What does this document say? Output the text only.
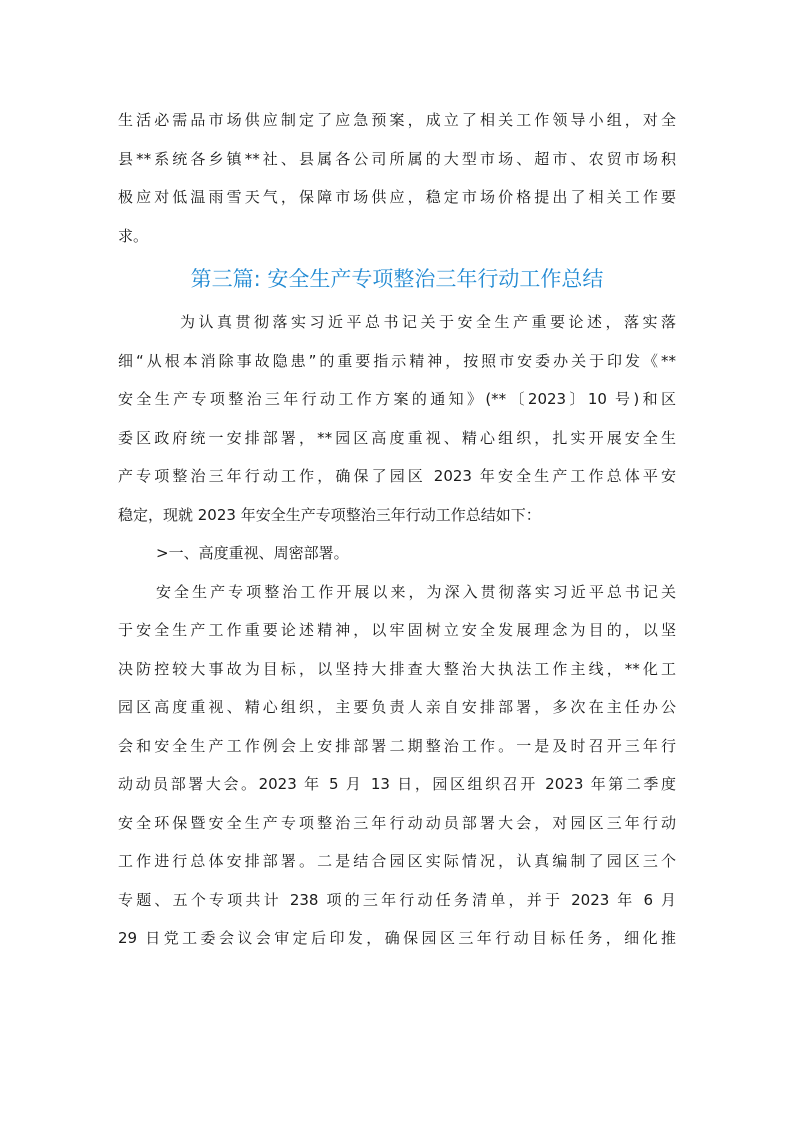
生活必需品市场供应制定了应急预案，成立了相关工作领导小组，对全
县**系统各乡镇**社、县属各公司所属的大型市场、超市、农贸市场积
极应对低温雨雪天气，保障市场供应，稳定市场价格提出了相关工作要
求。
第三篇: 安全生产专项整治三年行动工作总结
为认真贯彻落实习近平总书记关于安全生产重要论述，落实落
细“从根本消除事故隐患”的重要指示精神，按照市安委办关于印发《**
安全生产专项整治三年行动工作方案的通知》(**〔2023〕10 号)和区
委区政府统一安排部署，**园区高度重视、精心组织，扎实开展安全生
产专项整治三年行动工作，确保了园区 2023 年安全生产工作总体平安
稳定，现就 2023 年安全生产专项整治三年行动工作总结如下：
>一、高度重视、周密部署。
安全生产专项整治工作开展以来，为深入贯彻落实习近平总书记关
于安全生产工作重要论述精神，以牢固树立安全发展理念为目的，以坚
决防控较大事故为目标，以坚持大排查大整治大执法工作主线，**化工
园区高度重视、精心组织，主要负责人亲自安排部署，多次在主任办公
会和安全生产工作例会上安排部署二期整治工作。一是及时召开三年行
动动员部署大会。2023 年 5 月 13 日，园区组织召开 2023 年第二季度
安全环保暨安全生产专项整治三年行动动员部署大会，对园区三年行动
工作进行总体安排部署。二是结合园区实际情况，认真编制了园区三个
专题、五个专项共计 238 项的三年行动任务清单，并于 2023 年 6 月
29 日党工委会议会审定后印发，确保园区三年行动目标任务，细化推
